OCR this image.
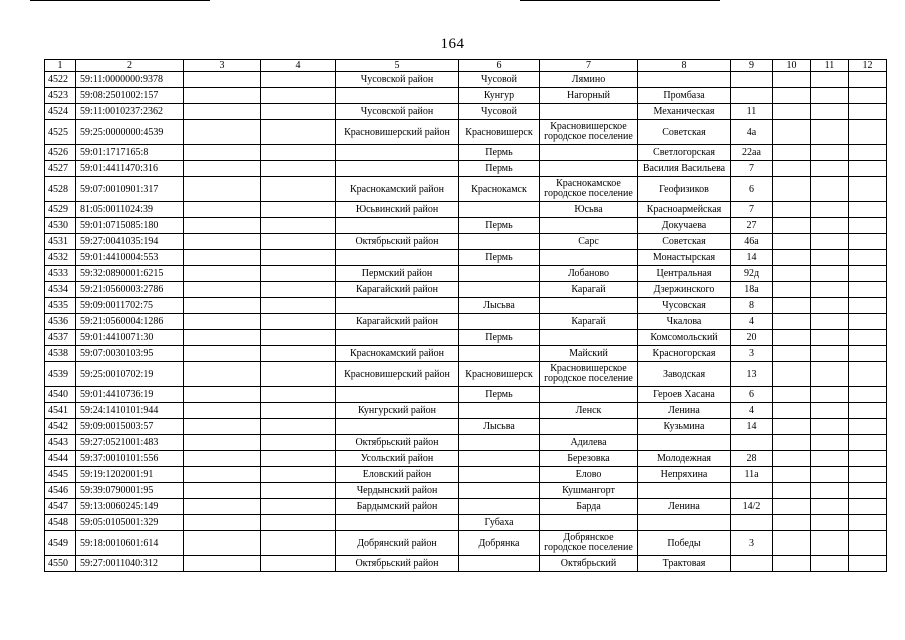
164
1	2	3	4	5	6	7	8	9	10	11	12
4522	59:11:0000000:9378			Чусовской район	Чусовой	Лямино					
4523	59:08:2501002:157				Кунгур	Нагорный	Промбаза				
4524	59:11:0010237:2362			Чусовской район	Чусовой		Механическая	11			
4525	59:25:0000000:4539			Красновишерский район	Красновишерск	Красновишерское городское поселение	Советская	4а			
4526	59:01:1717165:8				Пермь		Светлогорская	22аа			
4527	59:01:4411470:316				Пермь		Василия Васильева	7			
4528	59:07:0010901:317			Краснокамский район	Краснокамск	Краснокамское городское поселение	Геофизиков	6			
4529	81:05:0011024:39			Юсьвинский район		Юсьва	Красноармейская	7			
4530	59:01:0715085:180				Пермь		Докучаева	27			
4531	59:27:0041035:194			Октябрьский район		Сарс	Советская	46а			
4532	59:01:4410004:553				Пермь		Монастырская	14			
4533	59:32:0890001:6215			Пермский район		Лобаново	Центральная	92д			
4534	59:21:0560003:2786			Карагайский район		Карагай	Дзержинского	18а			
4535	59:09:0011702:75				Лысьва		Чусовская	8			
4536	59:21:0560004:1286			Карагайский район		Карагай	Чкалова	4			
4537	59:01:4410071:30				Пермь		Комсомольский	20			
4538	59:07:0030103:95			Краснокамский район		Майский	Красногорская	3			
4539	59:25:0010702:19			Красновишерский район	Красновишерск	Красновишерское городское поселение	Заводская	13			
4540	59:01:4410736:19				Пермь		Героев Хасана	6			
4541	59:24:1410101:944			Кунгурский район		Ленск	Ленина	4			
4542	59:09:0015003:57				Лысьва		Кузьмина	14			
4543	59:27:0521001:483			Октябрьский район		Адилева					
4544	59:37:0010101:556			Усольский район		Березовка	Молодежная	28			
4545	59:19:1202001:91			Еловский район		Елово	Непряхина	11а			
4546	59:39:0790001:95			Чердынский район		Кушмангорт					
4547	59:13:0060245:149			Бардымский район		Барда	Ленина	14/2			
4548	59:05:0105001:329				Губаха						
4549	59:18:0010601:614			Добрянский район	Добрянка	Добрянское городское поселение	Победы	3			
4550	59:27:0011040:312			Октябрьский район		Октябрьский	Трактовая				
